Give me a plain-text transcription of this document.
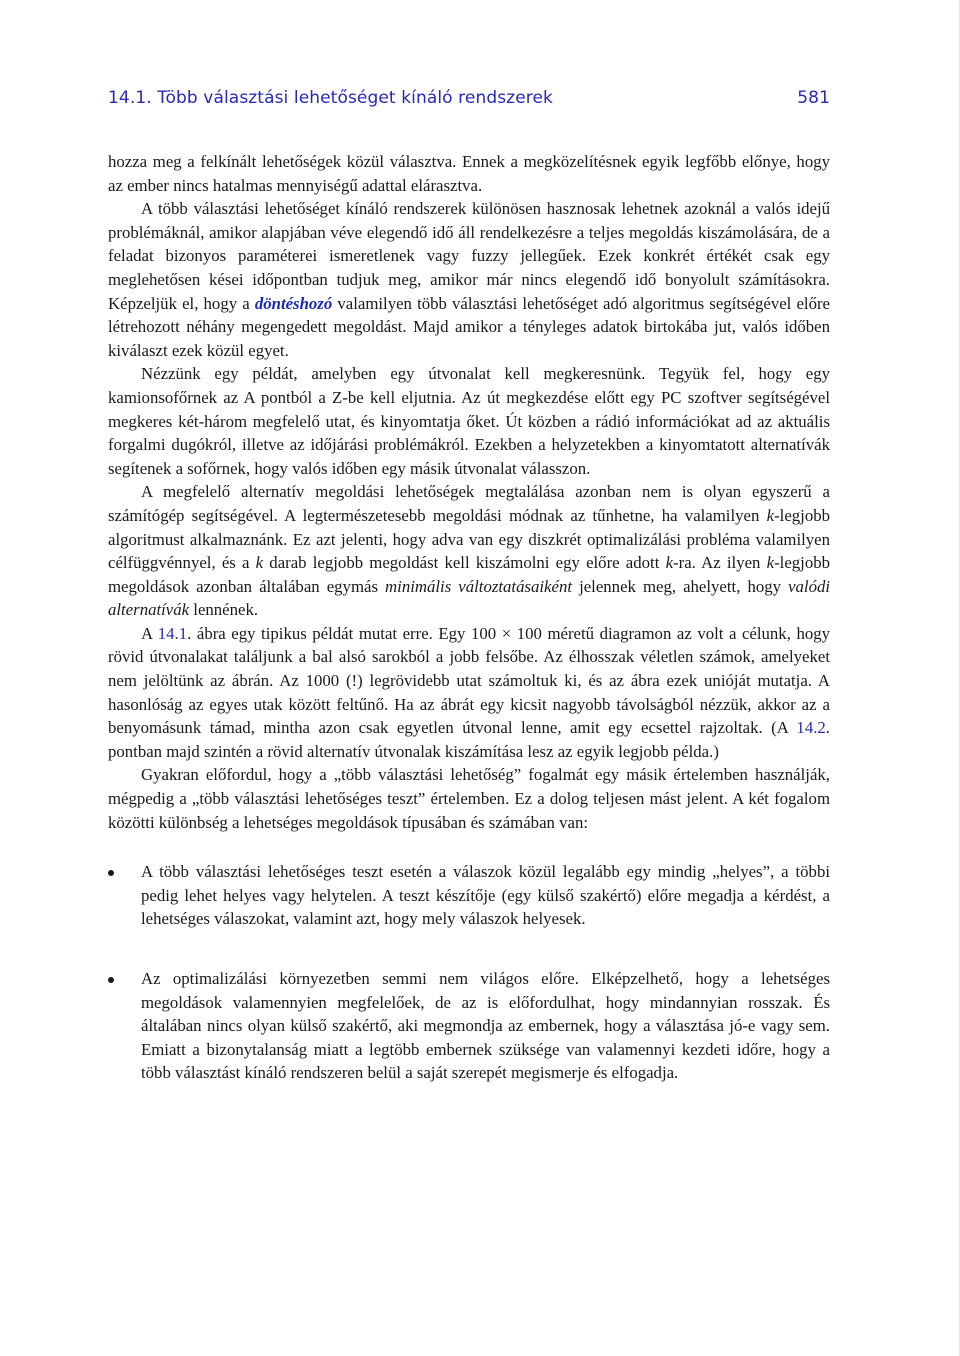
14.1. Több választási lehetőséget kínáló rendszerek	581

hozza meg a felkínált lehetőségek közül választva. Ennek a megközelítésnek egyik legfőbb előnye, hogy az ember nincs hatalmas mennyiségű adattal elárasztva.

A több választási lehetőséget kínáló rendszerek különösen hasznosak lehetnek azoknál a valós idejű problémáknál, amikor alapjában véve elegendő idő áll rendelkezésre a teljes megoldás kiszámolására, de a feladat bizonyos paraméterei ismeretlenek vagy fuzzy jellegűek. Ezek konkrét értékét csak egy meglehetősen kései időpontban tudjuk meg, amikor már nincs elegendő idő bonyolult számításokra. Képzeljük el, hogy a döntéshozó valamilyen több választási lehetőséget adó algoritmus segítségével előre létrehozott néhány megengedett megoldást. Majd amikor a tényleges adatok birtokába jut, valós időben kiválaszt ezek közül egyet.

Nézzünk egy példát, amelyben egy útvonalat kell megkeresnünk. Tegyük fel, hogy egy kamionsofőrnek az A pontból a Z-be kell eljutnia. Az út megkezdése előtt egy PC szoftver segítségével megkeres két-három megfelelő utat, és kinyomtatja őket. Út közben a rádió információkat ad az aktuális forgalmi dugókról, illetve az időjárási problémákról. Ezekben a helyzetekben a kinyomtatott alternatívák segítenek a sofőrnek, hogy valós időben egy másik útvonalat válasszon.

A megfelelő alternatív megoldási lehetőségek megtalálása azonban nem is olyan egyszerű a számítógép segítségével. A legtermészetesebb megoldási módnak az tűnhetne, ha valamilyen k-legjobb algoritmust alkalmaznánk. Ez azt jelenti, hogy adva van egy diszkrét optimalizálási probléma valamilyen célfüggvénnyel, és a k darab legjobb megoldást kell kiszámolni egy előre adott k-ra. Az ilyen k-legjobb megoldások azonban általában egymás minimális változtatásaiként jelennek meg, ahelyett, hogy valódi alternatívák lennének.

A 14.1. ábra egy tipikus példát mutat erre. Egy 100 × 100 méretű diagramon az volt a célunk, hogy rövid útvonalakat találjunk a bal alsó sarokból a jobb felsőbe. Az élhosszak véletlen számok, amelyeket nem jelöltünk az ábrán. Az 1000 (!) legrövidebb utat számoltuk ki, és az ábra ezek unióját mutatja. A hasonlóság az egyes utak között feltűnő. Ha az ábrát egy kicsit nagyobb távolságból nézzük, akkor az a benyomásunk támad, mintha azon csak egyetlen útvonal lenne, amit egy ecsettel rajzoltak. (A 14.2. pontban majd szintén a rövid alternatív útvonalak kiszámítása lesz az egyik legjobb példa.)

Gyakran előfordul, hogy a „több választási lehetőség” fogalmát egy másik értelemben használják, mégpedig a „több választási lehetőséges teszt” értelemben. Ez a dolog teljesen mást jelent. A két fogalom közötti különbség a lehetséges megoldások típusában és számában van:

A több választási lehetőséges teszt esetén a válaszok közül legalább egy mindig „helyes”, a többi pedig lehet helyes vagy helytelen. A teszt készítője (egy külső szakértő) előre megadja a kérdést, a lehetséges válaszokat, valamint azt, hogy mely válaszok helyesek.
Az optimalizálási környezetben semmi nem világos előre. Elképzelhető, hogy a lehetséges megoldások valamennyien megfelelőek, de az is előfordulhat, hogy mindannyian rosszak. És általában nincs olyan külső szakértő, aki megmondja az embernek, hogy a választása jó-e vagy sem. Emiatt a bizonytalanság miatt a legtöbb embernek szüksége van valamennyi kezdeti időre, hogy a több választást kínáló rendszeren belül a saját szerepét megismerje és elfogadja.
